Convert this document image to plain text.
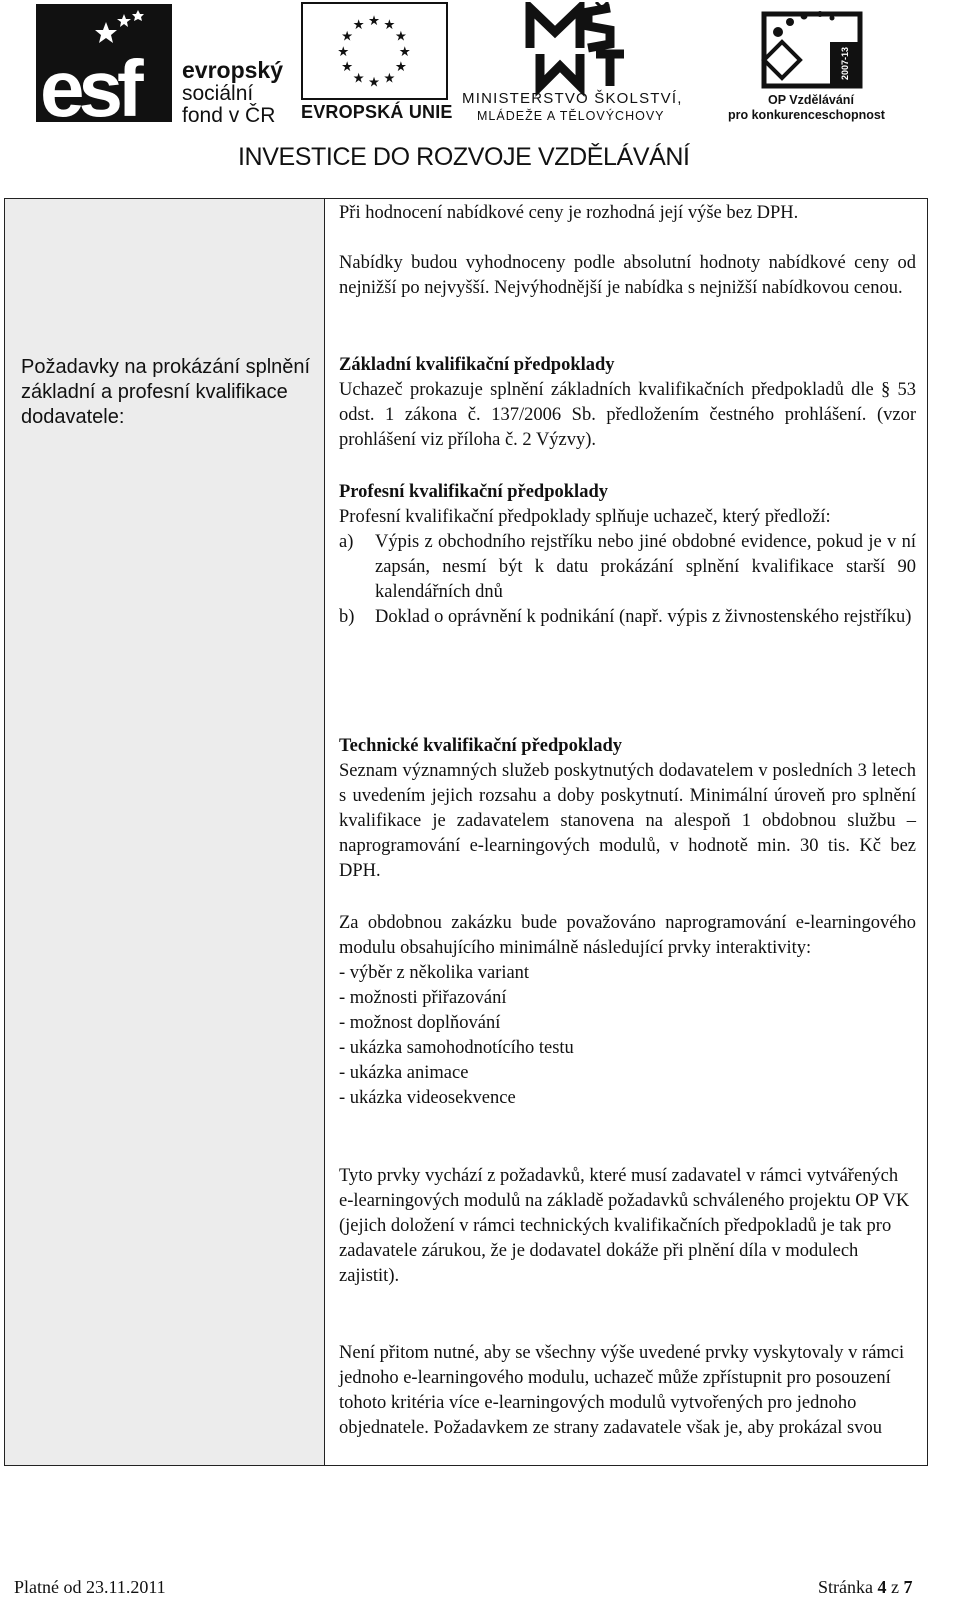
esf evropský
sociální
fond v ČR
★ ★
★
★
★
★
★
★
★
★
★
★
EVROPSKÁ UNIE
MINISTERSTVO ŠKOLSTVÍ,
MLÁDEŽE A TĚLOVÝCHOVY
2007-13
OP Vzdělávání
pro konkurenceschopnost
INVESTICE DO ROZVOJE VZDĚLÁVÁNÍ
Požadavky na prokázání splnění základní a profesní kvalifikace dodavatele:
Při hodnocení nabídkové ceny je rozhodná její výše bez DPH.
Nabídky budou vyhodnoceny podle absolutní hodnoty nabídkové ceny od nejnižší po nejvyšší. Nejvýhodnější je nabídka s nejnižší nabídkovou cenou.
Základní kvalifikační předpoklady
Uchazeč prokazuje splnění základních kvalifikačních předpokladů dle § 53 odst. 1 zákona č. 137/2006 Sb. předložením čestného prohlášení. (vzor prohlášení viz příloha č. 2 Výzvy).
Profesní kvalifikační předpoklady
Profesní kvalifikační předpoklady splňuje uchazeč, který předloží:
a) Výpis z obchodního rejstříku nebo jiné obdobné evidence, pokud je v ní zapsán, nesmí být k datu prokázání splnění kvalifikace starší 90 kalendářních dnů
b) Doklad o oprávnění k podnikání (např. výpis z živnostenského rejstříku)
Technické kvalifikační předpoklady
Seznam významných služeb poskytnutých dodavatelem v posledních 3 letech s uvedením jejich rozsahu a doby poskytnutí. Minimální úroveň pro splnění kvalifikace je zadavatelem stanovena na alespoň 1 obdobnou službu – naprogramování e-learningových modulů, v hodnotě min. 30 tis. Kč bez DPH.
Za obdobnou zakázku bude považováno naprogramování e-learningového modulu obsahujícího minimálně následující prvky interaktivity:
- výběr z několika variant
- možnosti přiřazování
- možnost doplňování
- ukázka samohodnotícího testu
- ukázka animace
- ukázka videosekvence
Tyto prvky vychází z požadavků, které musí zadavatel v rámci vytvářených e-learningových modulů na základě požadavků schváleného projektu OP VK (jejich doložení v rámci technických kvalifikačních předpokladů je tak pro zadavatele zárukou, že je dodavatel dokáže při plnění díla v modulech zajistit).
Není přitom nutné, aby se všechny výše uvedené prvky vyskytovaly v rámci jednoho e-learningového modulu, uchazeč může zpřístupnit pro posouzení tohoto kritéria více e-learningových modulů vytvořených pro jednoho objednatele. Požadavkem ze strany zadavatele však je, aby prokázal svou
Platné od 23.11.2011	Stránka 4 z 7
